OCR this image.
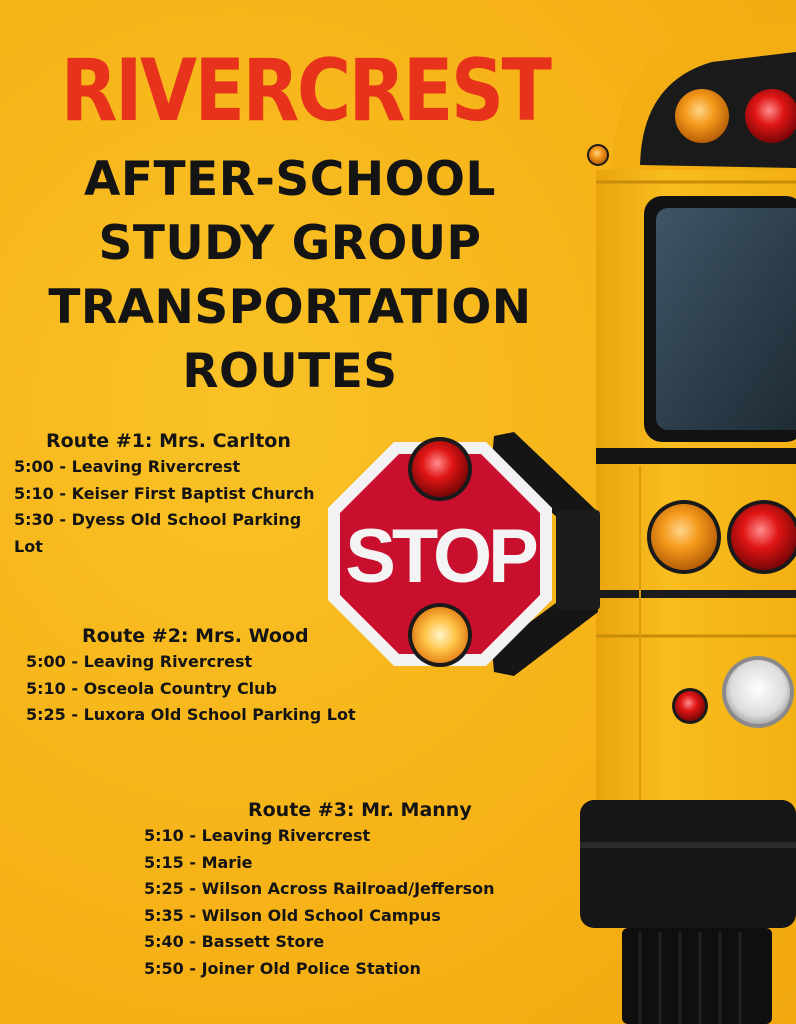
STOP
RIVERCREST
AFTER-SCHOOL
STUDY GROUP
TRANSPORTATION
ROUTES
Route #1: Mrs. Carlton
5:00 - Leaving Rivercrest
5:10 - Keiser First Baptist Church
5:30 - Dyess Old School Parking
Lot
Route #2: Mrs. Wood
5:00 - Leaving Rivercrest
5:10 - Osceola Country Club
5:25 - Luxora Old School Parking Lot
Route #3: Mr. Manny
5:10 - Leaving Rivercrest
5:15 - Marie
5:25 - Wilson Across Railroad/Jefferson
5:35 - Wilson Old School Campus
5:40 - Bassett Store
5:50 - Joiner Old Police Station
